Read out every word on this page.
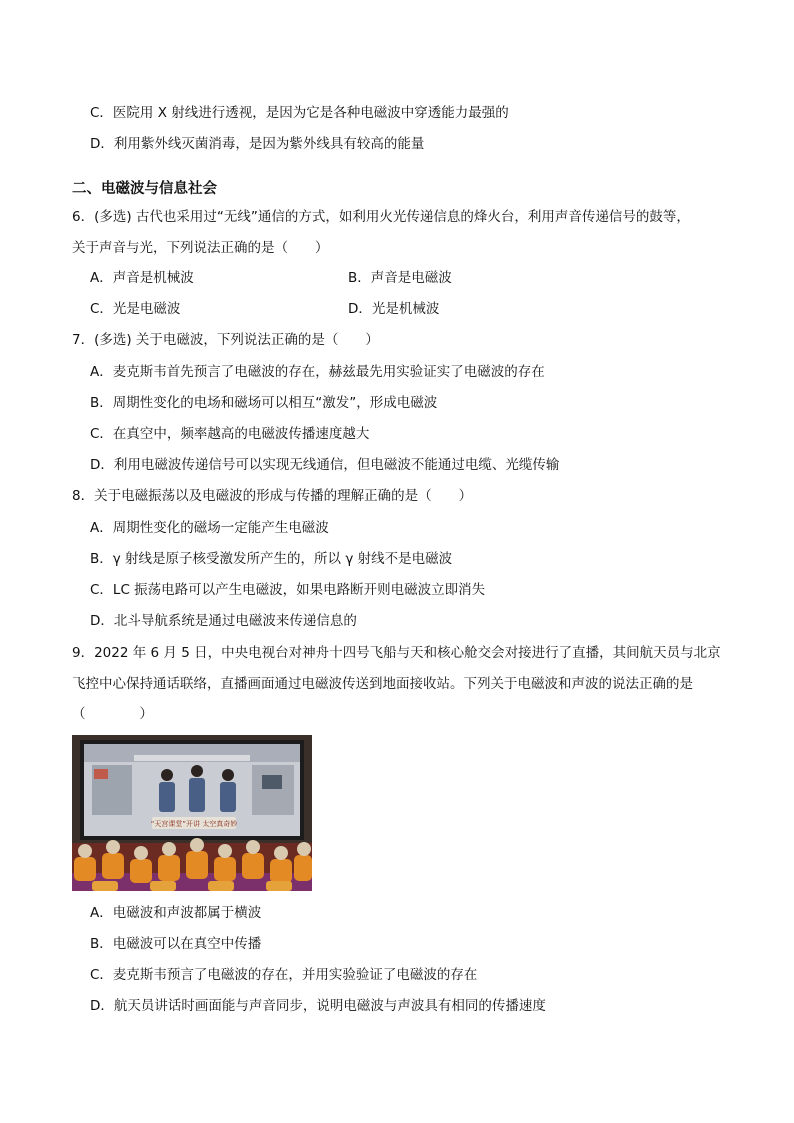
C．医院用 X 射线进行透视，是因为它是各种电磁波中穿透能力最强的
D．利用紫外线灭菌消毒，是因为紫外线具有较高的能量
二、电磁波与信息社会
6．(多选) 古代也采用过“无线”通信的方式，如利用火光传递信息的烽火台，利用声音传递信号的鼓等，
关于声音与光，下列说法正确的是（　　）
A．声音是机械波	B．声音是电磁波
C．光是电磁波	D．光是机械波
7．(多选) 关于电磁波，下列说法正确的是（　　）
A．麦克斯韦首先预言了电磁波的存在，赫兹最先用实验证实了电磁波的存在
B．周期性变化的电场和磁场可以相互“激发”，形成电磁波
C．在真空中，频率越高的电磁波传播速度越大
D．利用电磁波传递信号可以实现无线通信，但电磁波不能通过电缆、光缆传输
8．关于电磁振荡以及电磁波的形成与传播的理解正确的是（　　）
A．周期性变化的磁场一定能产生电磁波
B．γ 射线是原子核受激发所产生的，所以 γ 射线不是电磁波
C．LC 振荡电路可以产生电磁波，如果电路断开则电磁波立即消失
D．北斗导航系统是通过电磁波来传递信息的
9．2022 年 6 月 5 日，中央电视台对神舟十四号飞船与天和核心舱交会对接进行了直播，其间航天员与北京
飞控中心保持通话联络，直播画面通过电磁波传送到地面接收站。下列关于电磁波和声波的说法正确的是
（　　　　）
“天宫课堂”开讲 太空真奇妙
A．电磁波和声波都属于横波
B．电磁波可以在真空中传播
C．麦克斯韦预言了电磁波的存在，并用实验验证了电磁波的存在
D．航天员讲话时画面能与声音同步，说明电磁波与声波具有相同的传播速度
